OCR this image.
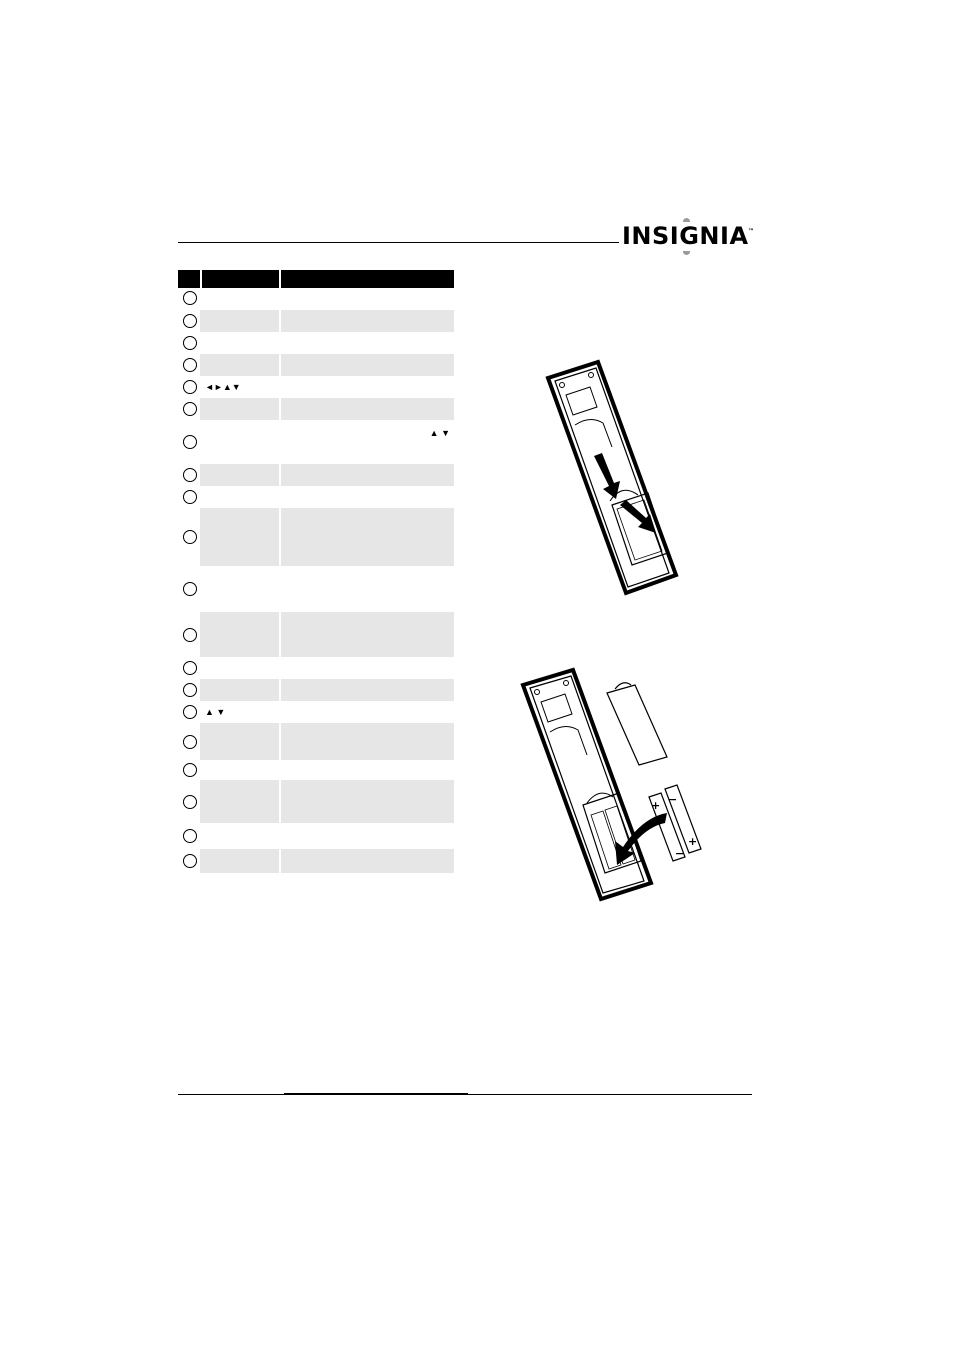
INSIGNIA ™
◄►▲▼
▲ ▼
▲ ▼
+
−
−
+
